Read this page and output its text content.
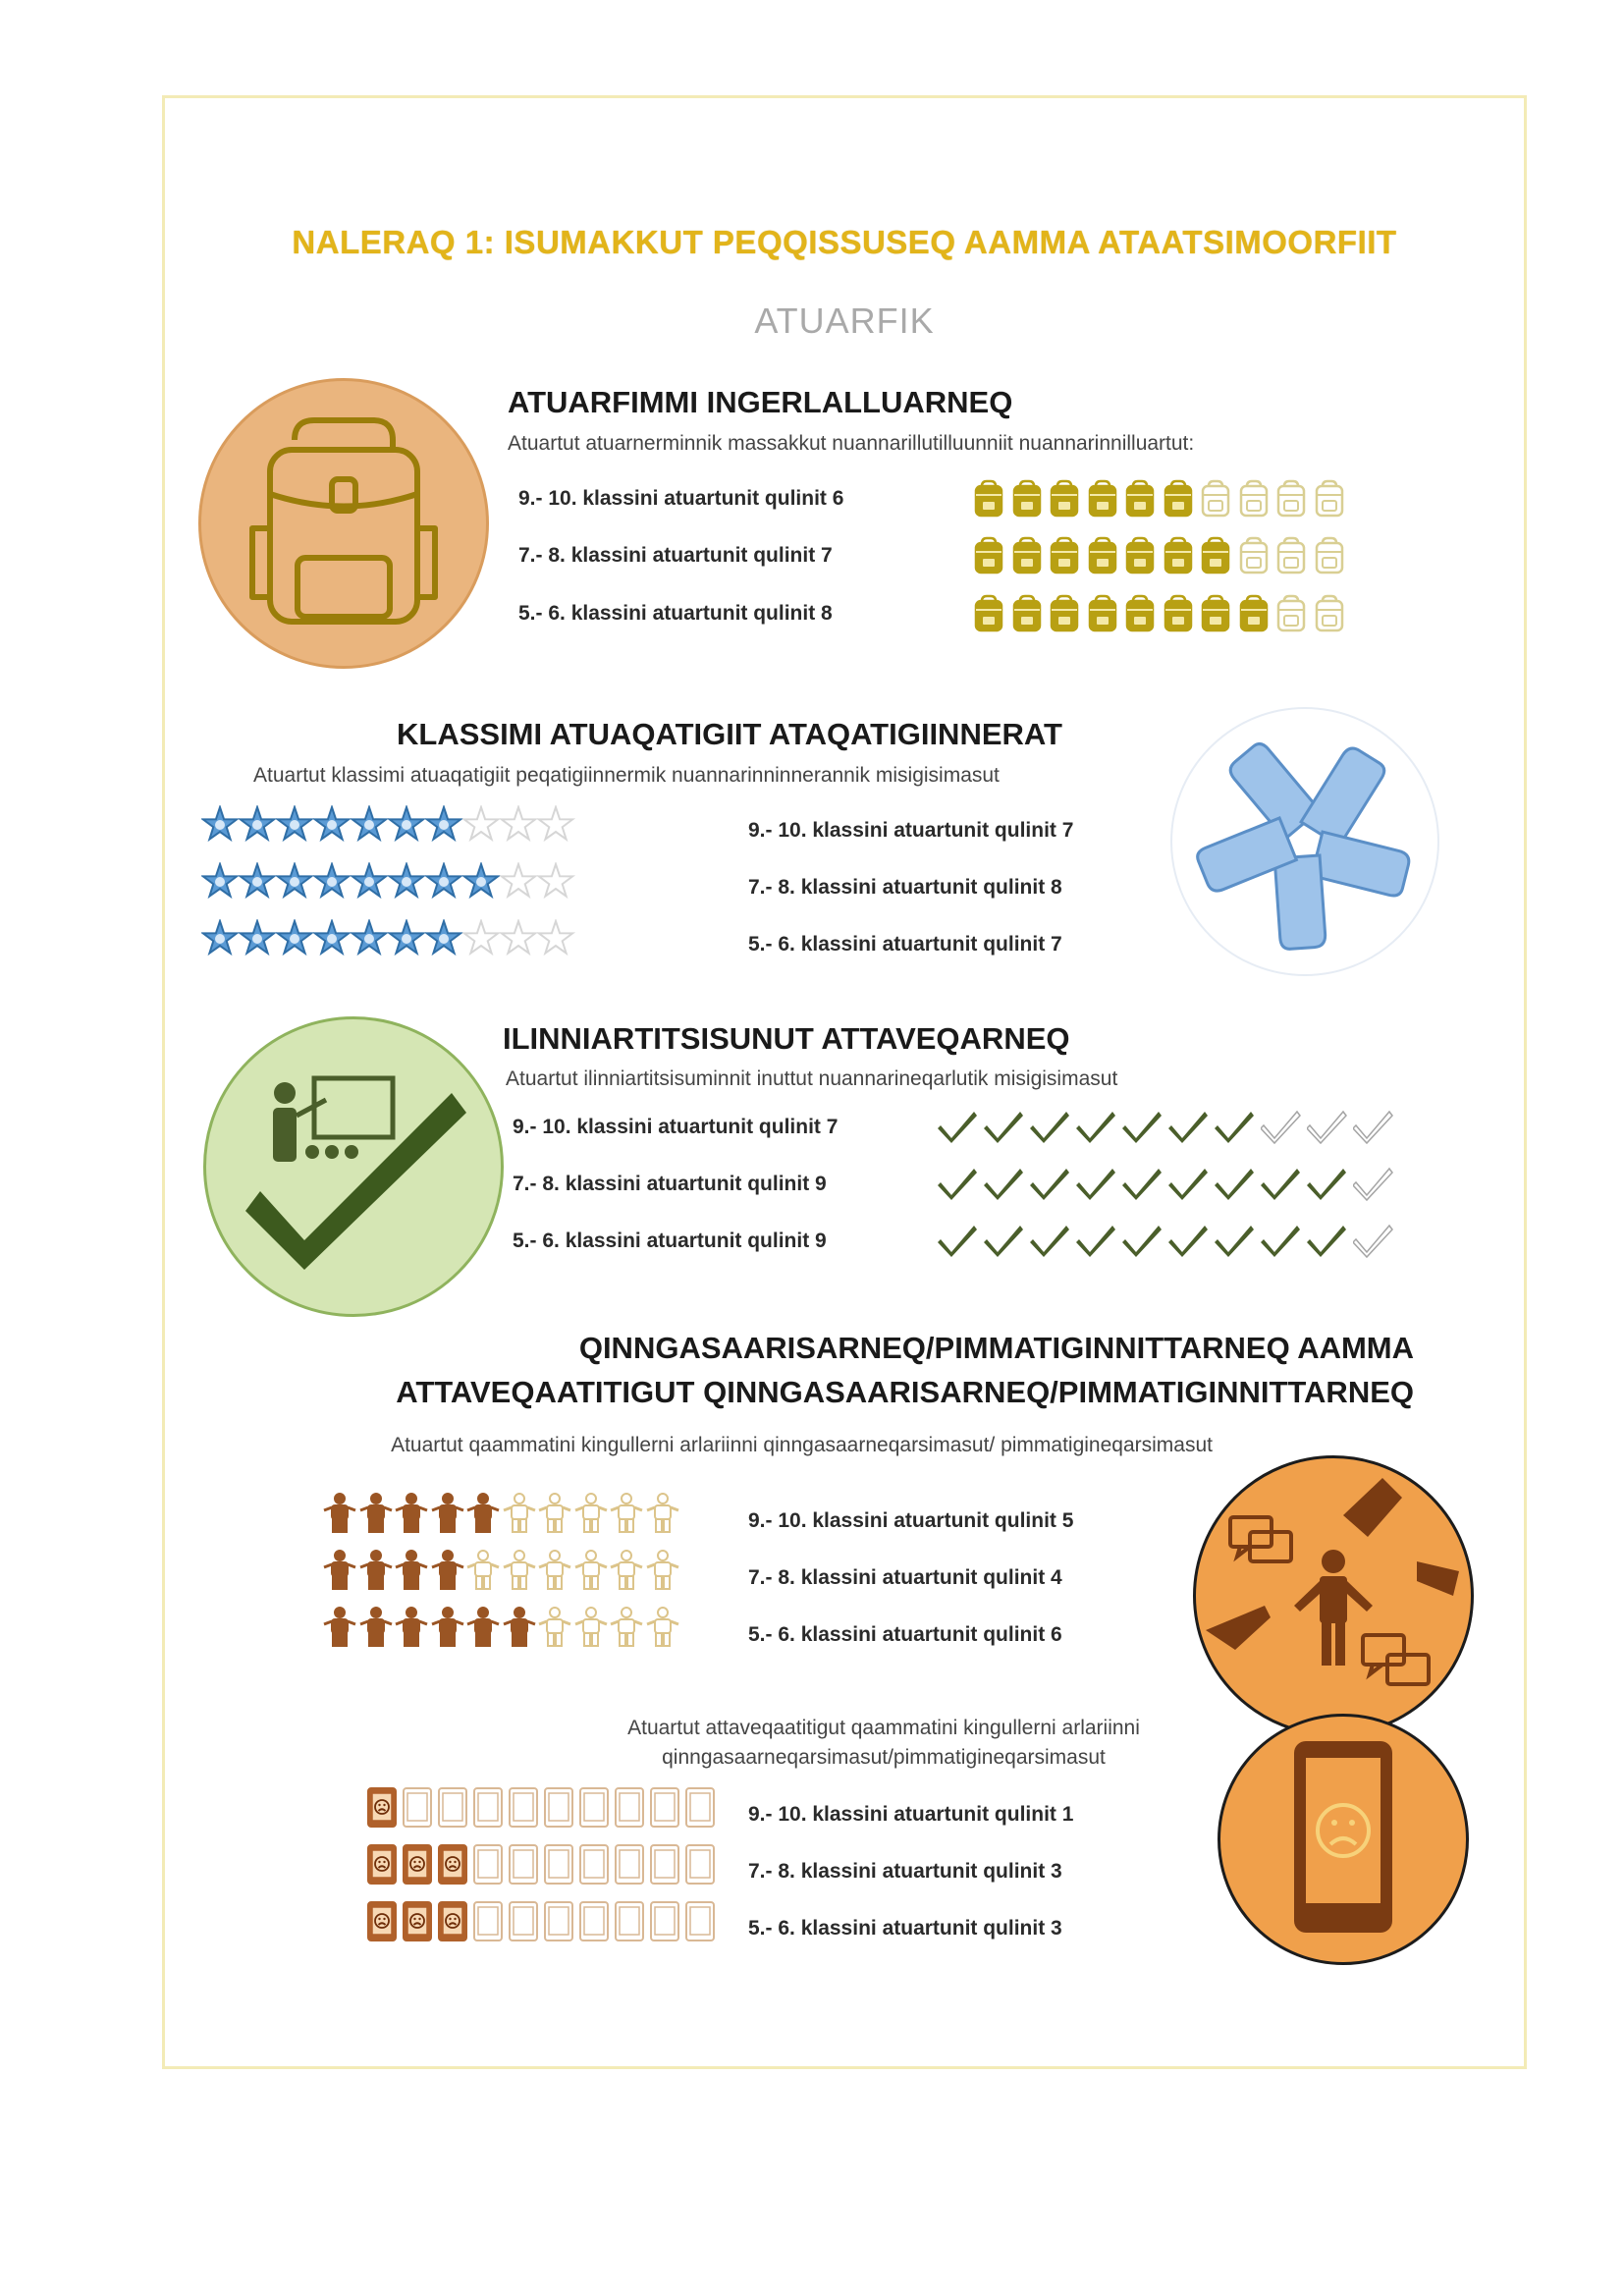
NALERAQ 1: ISUMAKKUT PEQQISSUSEQ AAMMA ATAATSIMOORFIIT
ATUARFIK
ATUARFIMMI INGERLALLUARNEQ
Atuartut atuarnerminnik massakkut nuannarillutilluunniit nuannarinnilluartut:
9.- 10. klassini atuartunit qulinit 6
7.- 8. klassini atuartunit qulinit 7
5.- 6. klassini atuartunit qulinit 8
KLASSIMI ATUAQATIGIIT ATAQATIGIINNERAT
Atuartut klassimi atuaqatigiit peqatigiinnermik nuannarinninnerannik misigisimasut
9.- 10. klassini atuartunit qulinit 7
7.- 8. klassini atuartunit qulinit 8
5.- 6. klassini atuartunit qulinit 7
ILINNIARTITSISUNUT ATTAVEQARNEQ
Atuartut ilinniartitsisuminnit inuttut nuannarineqarlutik misigisimasut
9.- 10. klassini atuartunit qulinit 7
7.- 8. klassini atuartunit qulinit 9
5.- 6. klassini atuartunit qulinit 9
QINNGASAARISARNEQ/PIMMATIGINNITTARNEQ AAMMA
ATTAVEQAATITIGUT QINNGASAARISARNEQ/PIMMATIGINNITTARNEQ
Atuartut qaammatini kingullerni arlariinni qinngasaarneqarsimasut/ pimmatigineqarsimasut
9.- 10. klassini atuartunit qulinit 5
7.- 8. klassini atuartunit qulinit 4
5.- 6. klassini atuartunit qulinit 6
Atuartut attaveqaatitigut qaammatini kingullerni arlariinni
qinngasaarneqarsimasut/pimmatigineqarsimasut
9.- 10. klassini atuartunit qulinit 1
7.- 8. klassini atuartunit qulinit 3
5.- 6. klassini atuartunit qulinit 3
